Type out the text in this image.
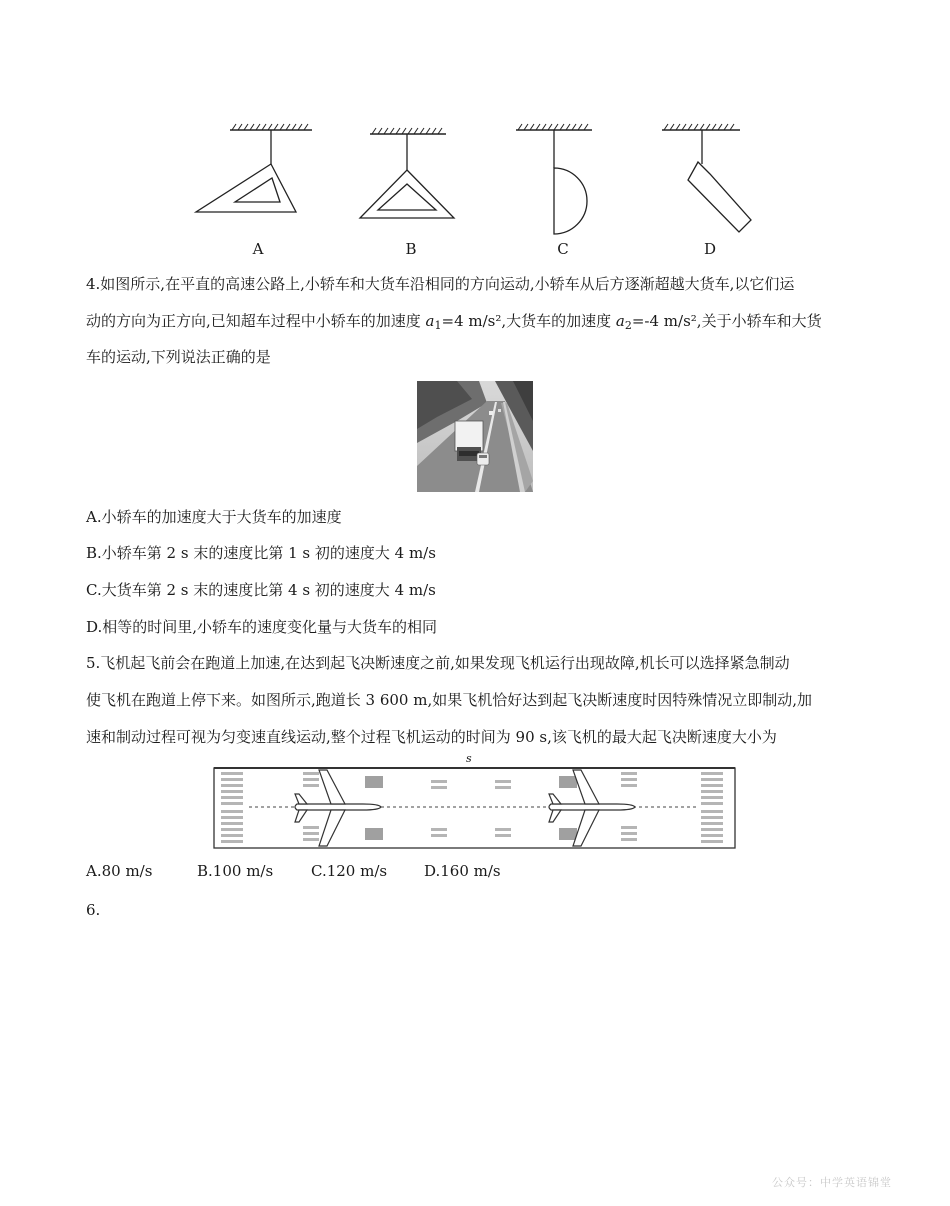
A	B	C	D
4.如图所示,在平直的高速公路上,小轿车和大货车沿相同的方向运动,小轿车从后方逐渐超越大货车,以它们运
动的方向为正方向,已知超车过程中小轿车的加速度 $a_1=4$ m/s²,大货车的加速度 $a_2=-4$ m/s²,关于小轿车和大货
车的运动,下列说法正确的是
A.小轿车的加速度大于大货车的加速度
B.小轿车第 2 s 末的速度比第 1 s 初的速度大 4 m/s
C.大货车第 2 s 末的速度比第 4 s 初的速度大 4 m/s
D.相等的时间里,小轿车的速度变化量与大货车的相同
5.飞机起飞前会在跑道上加速,在达到起飞决断速度之前,如果发现飞机运行出现故障,机长可以选择紧急制动
使飞机在跑道上停下来。如图所示,跑道长 3 600 m,如果飞机恰好达到起飞决断速度时因特殊情况立即制动,加
速和制动过程可视为匀变速直线运动,整个过程飞机运动的时间为 90 s,该飞机的最大起飞决断速度大小为
s
A.80 m/s	B.100 m/s	C.120 m/s D.160 m/s
6.
公众号：中学英语锦堂
